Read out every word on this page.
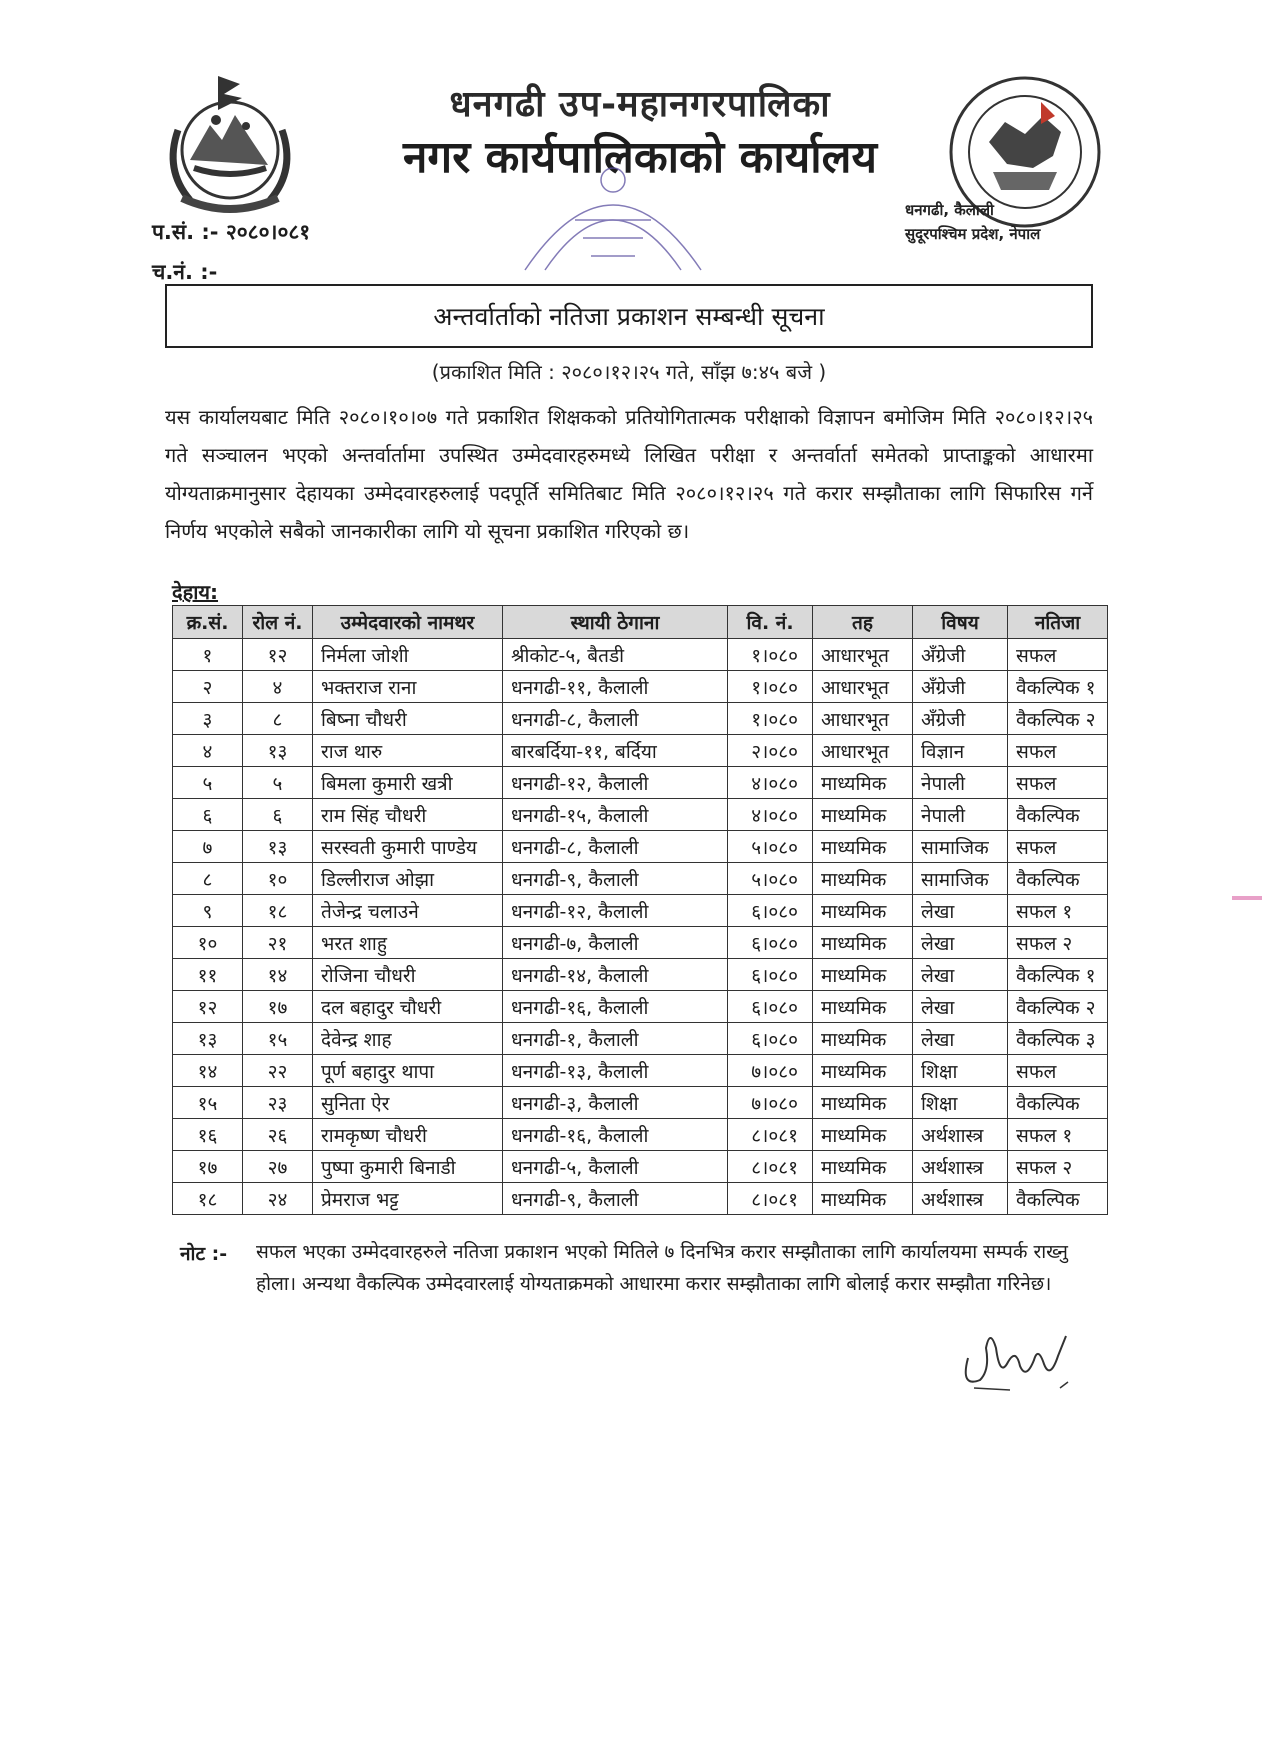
धनगढी उप-महानगरपालिका
नगर कार्यपालिकाको कार्यालय
धनगढी, कैलाली
सुदूरपश्चिम प्रदेश, नेपाल
प.सं. :- २०८०।०८१
च.नं. :-
अन्तर्वार्ताको नतिजा प्रकाशन सम्बन्धी सूचना
(प्रकाशित मिति : २०८०।१२।२५ गते, साँझ ७:४५ बजे )
यस कार्यालयबाट मिति २०८०।१०।०७ गते प्रकाशित शिक्षकको प्रतियोगितात्मक परीक्षाको विज्ञापन बमोजिम मिति २०८०।१२।२५ गते सञ्चालन भएको अन्तर्वार्तामा उपस्थित उम्मेदवारहरुमध्ये लिखित परीक्षा र अन्तर्वार्ता समेतको प्राप्ताङ्कको आधारमा योग्यताक्रमानुसार देहायका उम्मेदवारहरुलाई पदपूर्ति समितिबाट मिति २०८०।१२।२५ गते करार सम्झौताका लागि सिफारिस गर्ने निर्णय भएकोले सबैको जानकारीका लागि यो सूचना प्रकाशित गरिएको छ।
देहाय:
क्र.सं.	रोल नं.	उम्मेदवारको नामथर	स्थायी ठेगाना	वि. नं.	तह	विषय	नतिजा
१	१२	निर्मला जोशी	श्रीकोट-५, बैतडी	१।०८०	आधारभूत	अँग्रेजी	सफल
२	४	भक्तराज राना	धनगढी-११, कैलाली	१।०८०	आधारभूत	अँग्रेजी	वैकल्पिक १
३	८	बिष्ना चौधरी	धनगढी-८, कैलाली	१।०८०	आधारभूत	अँग्रेजी	वैकल्पिक २
४	१३	राज थारु	बारबर्दिया-११, बर्दिया	२।०८०	आधारभूत	विज्ञान	सफल
५	५	बिमला कुमारी खत्री	धनगढी-१२, कैलाली	४।०८०	माध्यमिक	नेपाली	सफल
६	६	राम सिंह चौधरी	धनगढी-१५, कैलाली	४।०८०	माध्यमिक	नेपाली	वैकल्पिक
७	१३	सरस्वती कुमारी पाण्डेय	धनगढी-८, कैलाली	५।०८०	माध्यमिक	सामाजिक	सफल
८	१०	डिल्लीराज ओझा	धनगढी-९, कैलाली	५।०८०	माध्यमिक	सामाजिक	वैकल्पिक
९	१८	तेजेन्द्र चलाउने	धनगढी-१२, कैलाली	६।०८०	माध्यमिक	लेखा	सफल १
१०	२१	भरत शाहु	धनगढी-७, कैलाली	६।०८०	माध्यमिक	लेखा	सफल २
११	१४	रोजिना चौधरी	धनगढी-१४, कैलाली	६।०८०	माध्यमिक	लेखा	वैकल्पिक १
१२	१७	दल बहादुर चौधरी	धनगढी-१६, कैलाली	६।०८०	माध्यमिक	लेखा	वैकल्पिक २
१३	१५	देवेन्द्र शाह	धनगढी-१, कैलाली	६।०८०	माध्यमिक	लेखा	वैकल्पिक ३
१४	२२	पूर्ण बहादुर थापा	धनगढी-१३, कैलाली	७।०८०	माध्यमिक	शिक्षा	सफल
१५	२३	सुनिता ऐर	धनगढी-३, कैलाली	७।०८०	माध्यमिक	शिक्षा	वैकल्पिक
१६	२६	रामकृष्ण चौधरी	धनगढी-१६, कैलाली	८।०८१	माध्यमिक	अर्थशास्त्र	सफल १
१७	२७	पुष्पा कुमारी बिनाडी	धनगढी-५, कैलाली	८।०८१	माध्यमिक	अर्थशास्त्र	सफल २
१८	२४	प्रेमराज भट्ट	धनगढी-९, कैलाली	८।०८१	माध्यमिक	अर्थशास्त्र	वैकल्पिक
नोट :- सफल भएका उम्मेदवारहरुले नतिजा प्रकाशन भएको मितिले ७ दिनभित्र करार सम्झौताका लागि कार्यालयमा सम्पर्क राख्नु होला। अन्यथा वैकल्पिक उम्मेदवारलाई योग्यताक्रमको आधारमा करार सम्झौताका लागि बोलाई करार सम्झौता गरिनेछ।
